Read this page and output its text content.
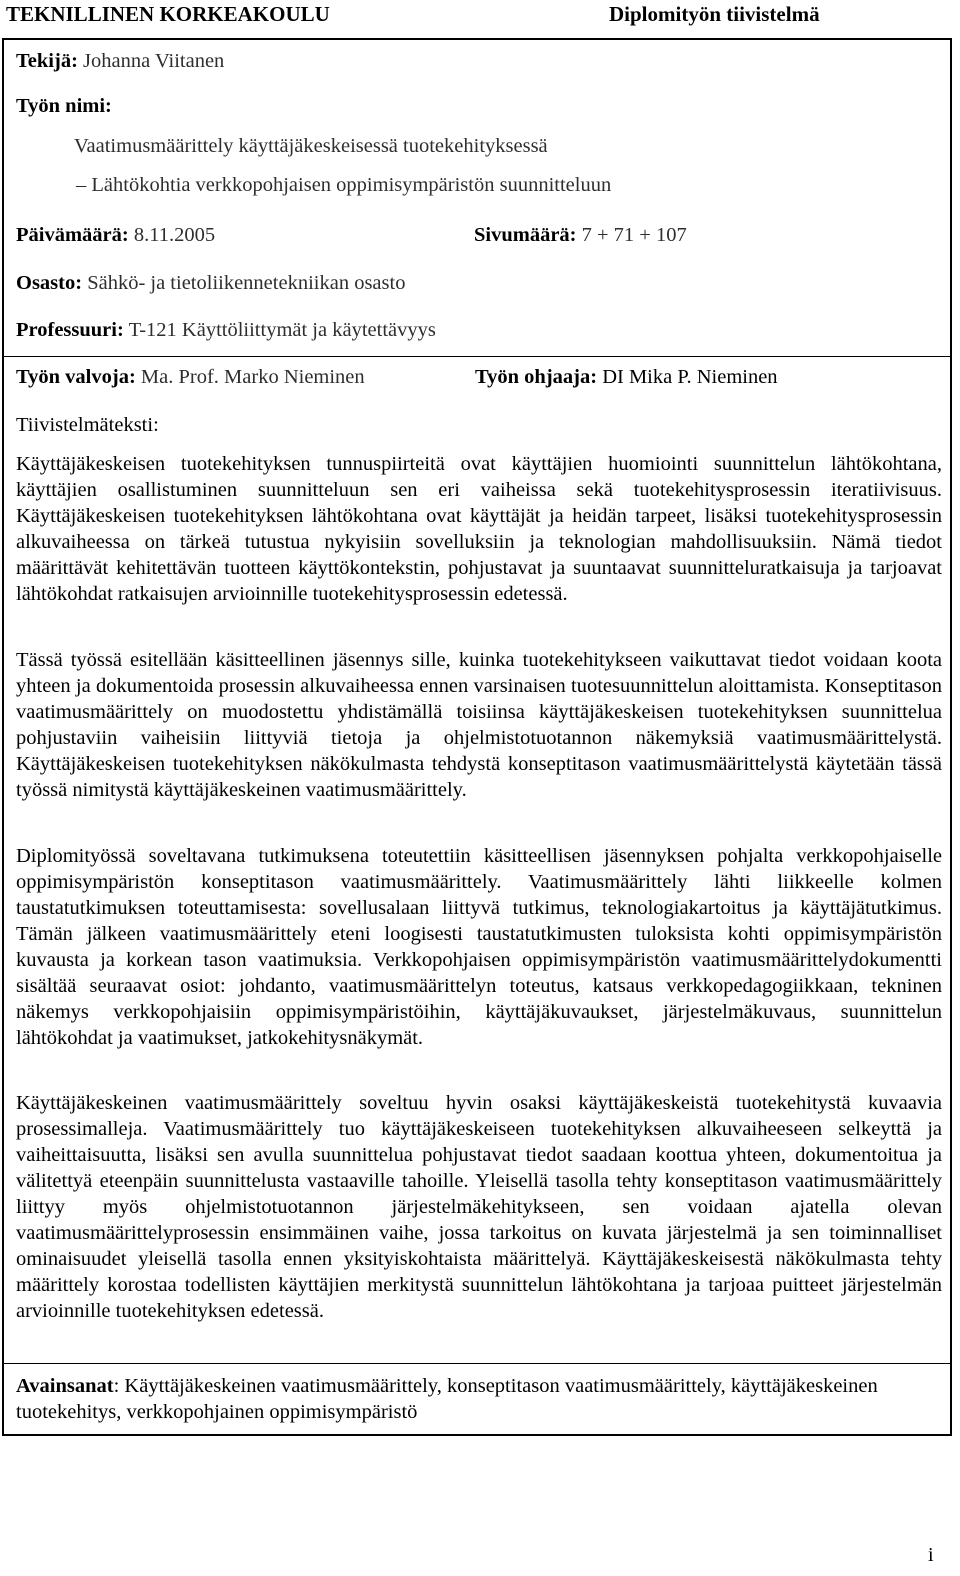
TEKNILLINEN KORKEAKOULU	Diplomityön tiivistelmä
Tekijä: Johanna Viitanen
Työn nimi:
Vaatimusmäärittely käyttäjäkeskeisessä tuotekehityksessä
– Lähtökohtia verkkopohjaisen oppimisympäristön suunnitteluun
Päivämäärä: 8.11.2005	Sivumäärä: 7 + 71 + 107
Osasto: Sähkö- ja tietoliikennetekniikan osasto
Professuuri: T-121 Käyttöliittymät ja käytettävyys
Työn valvoja: Ma. Prof. Marko Nieminen	Työn ohjaaja: DI Mika P. Nieminen
Tiivistelmäteksti:
Käyttäjäkeskeisen tuotekehityksen tunnuspiirteitä ovat käyttäjien huomiointi suunnittelun lähtökohtana, käyttäjien osallistuminen suunnitteluun sen eri vaiheissa sekä tuotekehitysprosessin iteratiivisuus. Käyttäjäkeskeisen tuotekehityksen lähtökohtana ovat käyttäjät ja heidän tarpeet, lisäksi tuotekehitysprosessin alkuvaiheessa on tärkeä tutustua nykyisiin sovelluksiin ja teknologian mahdollisuuksiin. Nämä tiedot määrittävät kehitettävän tuotteen käyttökontekstin, pohjustavat ja suuntaavat suunnitteluratkaisuja ja tarjoavat lähtökohdat ratkaisujen arvioinnille tuotekehitysprosessin edetessä.
Tässä työssä esitellään käsitteellinen jäsennys sille, kuinka tuotekehitykseen vaikuttavat tiedot voidaan koota yhteen ja dokumentoida prosessin alkuvaiheessa ennen varsinaisen tuotesuunnittelun aloittamista. Konseptitason vaatimusmäärittely on muodostettu yhdistämällä toisiinsa käyttäjäkeskeisen tuotekehityksen suunnittelua pohjustaviin vaiheisiin liittyviä tietoja ja ohjelmistotuotannon näkemyksiä vaatimusmäärittelystä. Käyttäjäkeskeisen tuotekehityksen näkökulmasta tehdystä konseptitason vaatimusmäärittelystä käytetään tässä työssä nimitystä käyttäjäkeskeinen vaatimusmäärittely.
Diplomityössä soveltavana tutkimuksena toteutettiin käsitteellisen jäsennyksen pohjalta verkkopohjaiselle oppimisympäristön konseptitason vaatimusmäärittely. Vaatimusmäärittely lähti liikkeelle kolmen taustatutkimuksen toteuttamisesta: sovellusalaan liittyvä tutkimus, teknologiakartoitus ja käyttäjätutkimus. Tämän jälkeen vaatimusmäärittely eteni loogisesti taustatutkimusten tuloksista kohti oppimisympäristön kuvausta ja korkean tason vaatimuksia. Verkkopohjaisen oppimisympäristön vaatimusmäärittelydokumentti sisältää seuraavat osiot: johdanto, vaatimusmäärittelyn toteutus, katsaus verkkopedagogiikkaan, tekninen näkemys verkkopohjaisiin oppimisympäristöihin, käyttäjäkuvaukset, järjestelmäkuvaus, suunnittelun lähtökohdat ja vaatimukset, jatkokehitysnäkymät.
Käyttäjäkeskeinen vaatimusmäärittely soveltuu hyvin osaksi käyttäjäkeskeistä tuotekehitystä kuvaavia prosessimalleja. Vaatimusmäärittely tuo käyttäjäkeskeiseen tuotekehityksen alkuvaiheeseen selkeyttä ja vaiheittaisuutta, lisäksi sen avulla suunnittelua pohjustavat tiedot saadaan koottua yhteen, dokumentoitua ja välitettyä eteenpäin suunnittelusta vastaaville tahoille. Yleisellä tasolla tehty konseptitason vaatimusmäärittely liittyy myös ohjelmistotuotannon järjestelmäkehitykseen, sen voidaan ajatella olevan vaatimusmäärittelyprosessin ensimmäinen vaihe, jossa tarkoitus on kuvata järjestelmä ja sen toiminnalliset ominaisuudet yleisellä tasolla ennen yksityiskohtaista määrittelyä. Käyttäjäkeskeisestä näkökulmasta tehty määrittely korostaa todellisten käyttäjien merkitystä suunnittelun lähtökohtana ja tarjoaa puitteet järjestelmän arvioinnille tuotekehityksen edetessä.
Avainsanat: Käyttäjäkeskeinen vaatimusmäärittely, konseptitason vaatimusmäärittely, käyttäjäkeskeinen tuotekehitys, verkkopohjainen oppimisympäristö
i
